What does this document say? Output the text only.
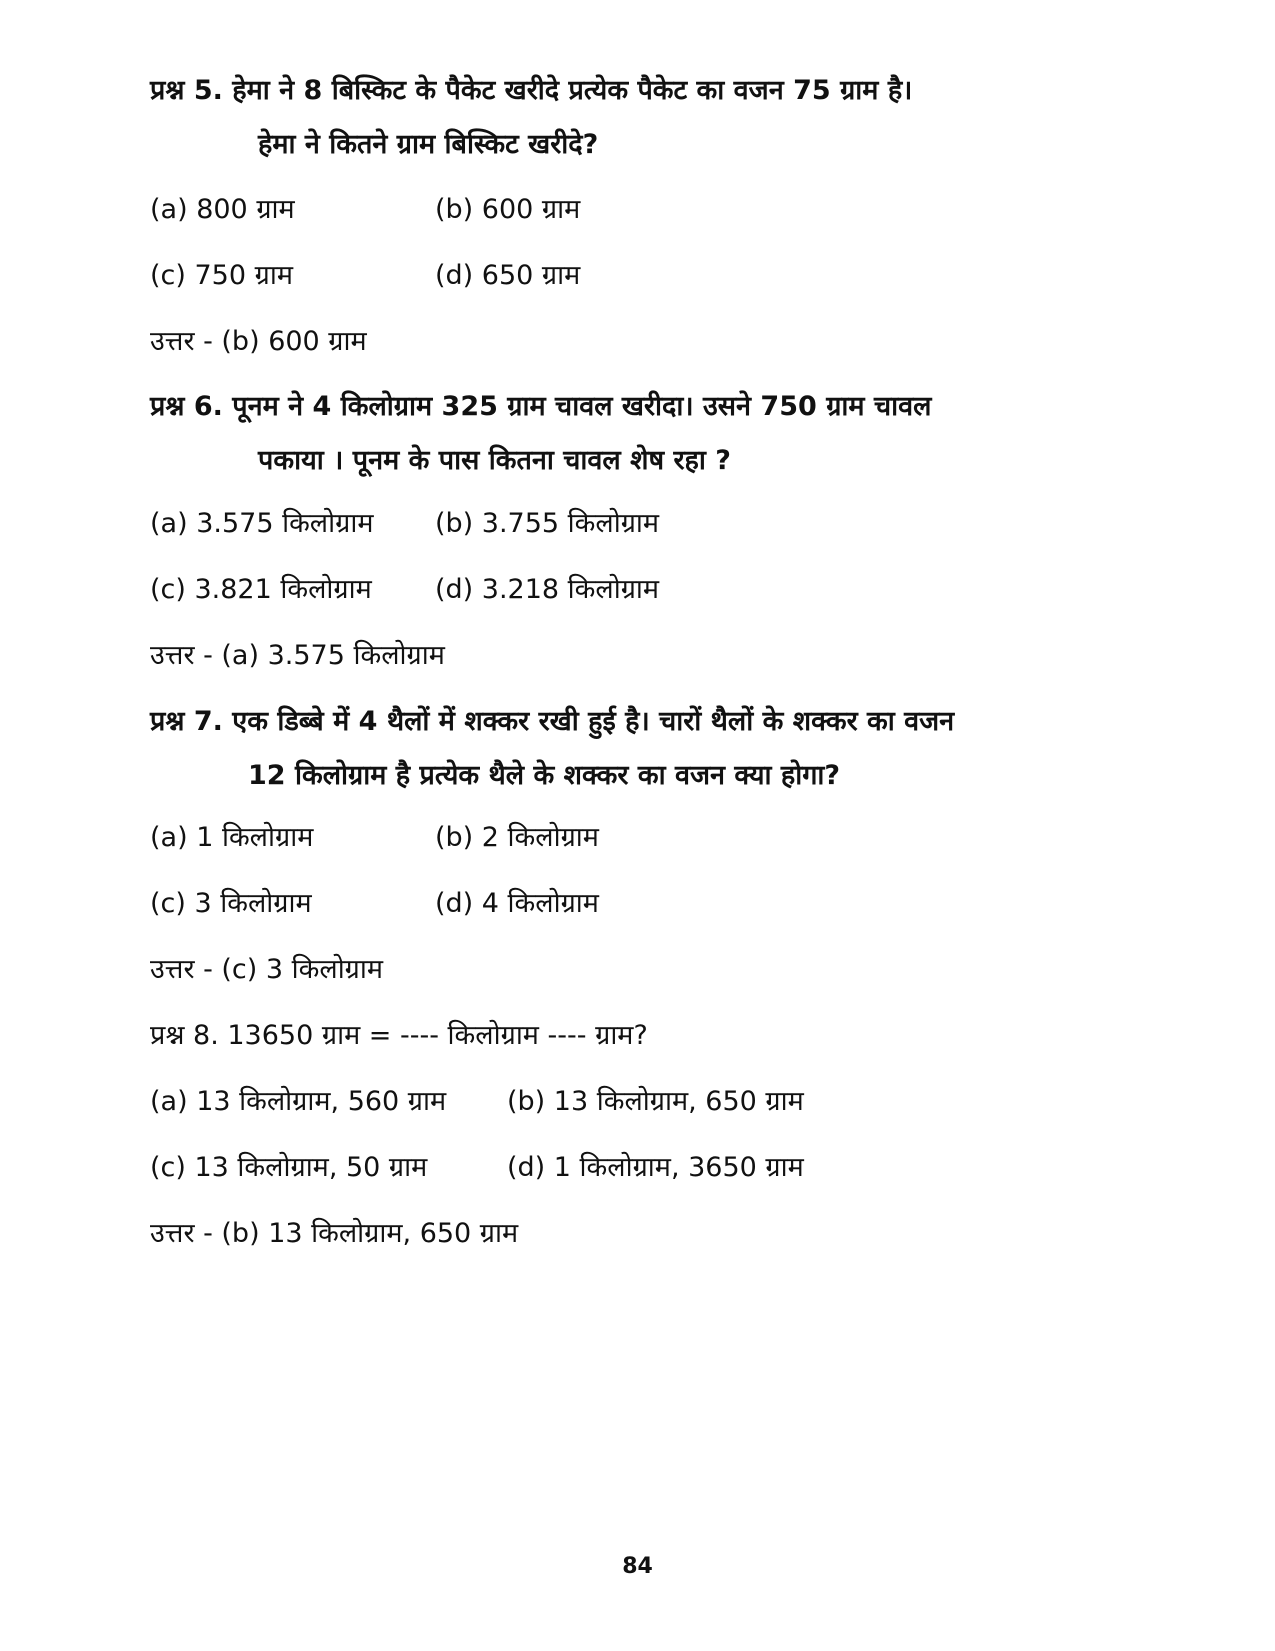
प्रश्न 5. हेमा ने 8 बिस्किट के पैकेट खरीदे प्रत्येक पैकेट का वजन 75 ग्राम है।
हेमा ने कितने ग्राम बिस्किट खरीदे?
(a) 800 ग्राम	(b) 600 ग्राम
(c) 750 ग्राम	(d) 650 ग्राम
उत्तर - (b) 600 ग्राम
प्रश्न 6. पूनम ने 4 किलोग्राम 325 ग्राम चावल खरीदा। उसने 750 ग्राम चावल
पकाया । पूनम के पास कितना चावल शेष रहा ?
(a) 3.575 किलोग्राम (b) 3.755 किलोग्राम
(c) 3.821 किलोग्राम (d) 3.218 किलोग्राम
उत्तर - (a) 3.575 किलोग्राम
प्रश्न 7. एक डिब्बे में 4 थैलों में शक्कर रखी हुई है। चारों थैलों के शक्कर का वजन
12 किलोग्राम है प्रत्येक थैले के शक्कर का वजन क्या होगा?
(a) 1 किलोग्राम	(b) 2 किलोग्राम
(c) 3 किलोग्राम	(d) 4 किलोग्राम
उत्तर - (c) 3 किलोग्राम
प्रश्न 8. 13650 ग्राम = ---- किलोग्राम ---- ग्राम?
(a) 13 किलोग्राम, 560 ग्राम (b) 13 किलोग्राम, 650 ग्राम
(c) 13 किलोग्राम, 50 ग्राम	(d) 1 किलोग्राम, 3650 ग्राम
उत्तर - (b) 13 किलोग्राम, 650 ग्राम
84
